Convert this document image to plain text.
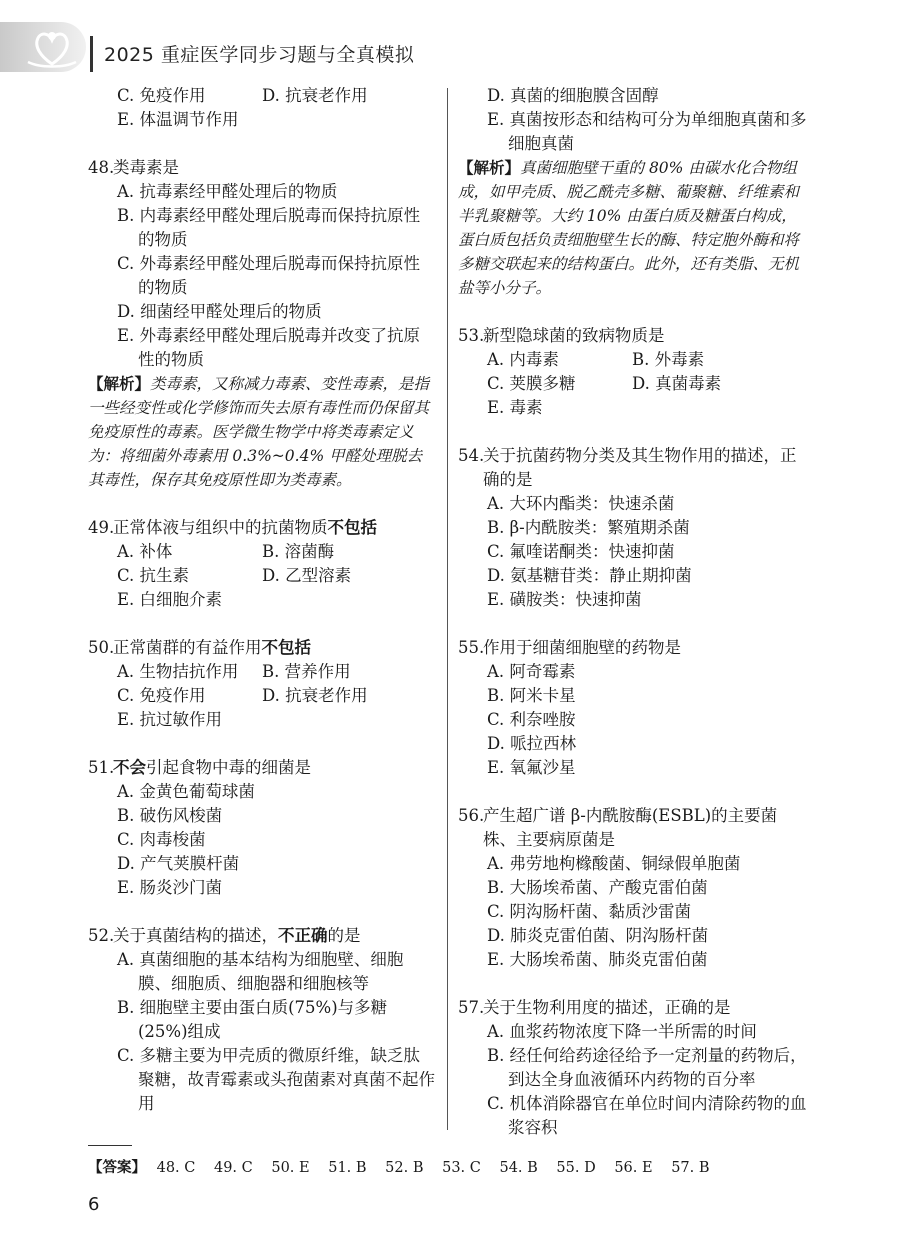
2025 重症医学同步习题与全真模拟
C. 免疫作用	D. 抗衰老作用
E. 体温调节作用
48.类毒素是
A. 抗毒素经甲醛处理后的物质
B. 内毒素经甲醛处理后脱毒而保持抗原性的物质
C. 外毒素经甲醛处理后脱毒而保持抗原性的物质
D. 细菌经甲醛处理后的物质
E. 外毒素经甲醛处理后脱毒并改变了抗原性的物质
【解析】类毒素，又称减力毒素、变性毒素，是指一些经变性或化学修饰而失去原有毒性而仍保留其免疫原性的毒素。医学微生物学中将类毒素定义为：将细菌外毒素用 0.3%~0.4% 甲醛处理脱去其毒性，保存其免疫原性即为类毒素。
49.正常体液与组织中的抗菌物质不包括
A. 补体	B. 溶菌酶
C. 抗生素	D. 乙型溶素
E. 白细胞介素
50.正常菌群的有益作用不包括
A. 生物拮抗作用	B. 营养作用
C. 免疫作用	D. 抗衰老作用
E. 抗过敏作用
51.不会引起食物中毒的细菌是
A. 金黄色葡萄球菌
B. 破伤风梭菌
C. 肉毒梭菌
D. 产气荚膜杆菌
E. 肠炎沙门菌
52.关于真菌结构的描述，不正确的是
A. 真菌细胞的基本结构为细胞壁、细胞膜、细胞质、细胞器和细胞核等
B. 细胞壁主要由蛋白质(75%)与多糖(25%)组成
C. 多糖主要为甲壳质的微原纤维，缺乏肽聚糖，故青霉素或头孢菌素对真菌不起作用
D. 真菌的细胞膜含固醇
E. 真菌按形态和结构可分为单细胞真菌和多细胞真菌
【解析】真菌细胞壁干重的 80% 由碳水化合物组成，如甲壳质、脱乙酰壳多糖、葡聚糖、纤维素和半乳聚糖等。大约 10% 由蛋白质及糖蛋白构成，蛋白质包括负责细胞壁生长的酶、特定胞外酶和将多糖交联起来的结构蛋白。此外，还有类脂、无机盐等小分子。
53.新型隐球菌的致病物质是
A. 内毒素	B. 外毒素
C. 荚膜多糖	D. 真菌毒素
E. 毒素
54.关于抗菌药物分类及其生物作用的描述，正确的是
A. 大环内酯类：快速杀菌
B. β-内酰胺类：繁殖期杀菌
C. 氟喹诺酮类：快速抑菌
D. 氨基糖苷类：静止期抑菌
E. 磺胺类：快速抑菌
55.作用于细菌细胞壁的药物是
A. 阿奇霉素
B. 阿米卡星
C. 利奈唑胺
D. 哌拉西林
E. 氧氟沙星
56.产生超广谱 β-内酰胺酶(ESBL)的主要菌株、主要病原菌是
A. 弗劳地枸橼酸菌、铜绿假单胞菌
B. 大肠埃希菌、产酸克雷伯菌
C. 阴沟肠杆菌、黏质沙雷菌
D. 肺炎克雷伯菌、阴沟肠杆菌
E. 大肠埃希菌、肺炎克雷伯菌
57.关于生物利用度的描述，正确的是
A. 血浆药物浓度下降一半所需的时间
B. 经任何给药途径给予一定剂量的药物后，到达全身血液循环内药物的百分率
C. 机体消除器官在单位时间内清除药物的血浆容积
【答案】 48. C 49. C 50. E 51. B 52. B 53. C 54. B 55. D 56. E 57. B
6
